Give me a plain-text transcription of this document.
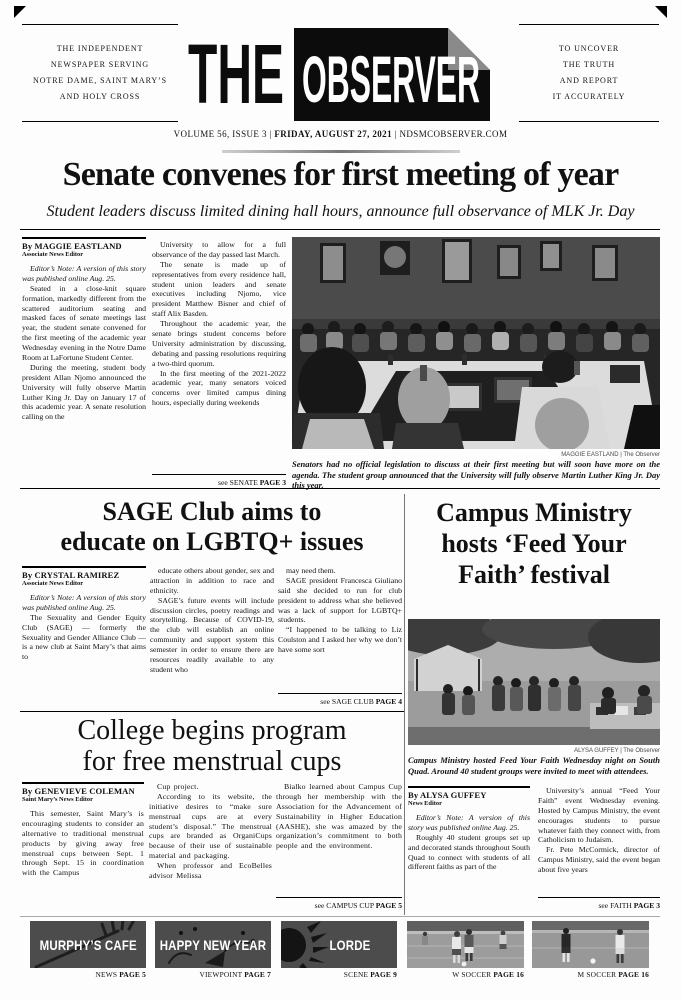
THE INDEPENDENT
NEWSPAPER SERVING
NOTRE DAME, SAINT MARY’S
AND HOLY CROSS THE OBSERVER	TO UNCOVER
THE TRUTH
AND REPORT
IT ACCURATELY
VOLUME 56, ISSUE 3 | FRIDAY, AUGUST 27, 2021 | NDSMCOBSERVER.COM
Senate convenes for first meeting of year
Student leaders discuss limited dining hall hours, announce full observance of MLK Jr. Day
By MAGGIE EASTLAND
Associate News Editor

Editor’s Note: A version of this story was published online Aug. 25.

Seated in a close-knit square formation, markedly different from the scattered auditorium seating and masked faces of senate meetings last year, the student senate convened for the first meeting of the academic year Wednesday evening in the Notre Dame Room at LaFortune Student Center.

During the meeting, student body president Allan Njomo announced the University will fully observe Martin Luther King Jr. Day on January 17 of this academic year. A senate resolution calling on the

University to allow for a full observance of the day passed last March.

The senate is made up of representatives from every residence hall, student union leaders and senate executives including Njomo, vice president Matthew Bisner and chief of staff Alix Basden.

Throughout the academic year, the senate brings student concerns before University administration by discussing, debating and passing resolutions requiring a two-third quorum.

In the first meeting of the 2021-2022 academic year, many senators voiced concerns over limited campus dining hours, especially during weekends

see SENATE PAGE 3
MAGGIE EASTLAND | The Observer
Senators had no official legislation to discuss at their first meeting but will soon have more on the agenda. The student group announced that the University will fully observe Martin Luther King Jr. Day this year.
SAGE Club aims to
educate on LGBTQ+ issues
By CRYSTAL RAMIREZ
Associate News Editor

Editor’s Note: A version of this story was published online Aug. 25.

The Sexuality and Gender Equity Club (SAGE) — formerly the Sexuality and Gender Alliance Club — is a new club at Saint Mary’s that aims to

educate others about gender, sex and attraction in addition to race and ethnicity.

SAGE’s future events will include discussion circles, poetry readings and storytelling. Because of COVID-19, the club will establish an online community and support system this semester in order to ensure there are resources readily available to any student who

may need them.

SAGE president Francesca Giuliano said she decided to run for club president to address what she believed was a lack of support for LGBTQ+ students.

“I happened to be talking to Liz Coulston and I asked her why we don’t have some sort

see SAGE CLUB PAGE 4
College begins program
for free menstrual cups
By GENEVIEVE COLEMAN
Saint Mary’s News Editor

This semester, Saint Mary’s is encouraging students to consider an alternative to traditional menstrual products by giving away free menstrual cups between Sept. 1 through Sept. 15 in coordination with the Campus

Cup project.

According to its website, the initiative desires to “make sure menstrual cups are at every student’s disposal.” The menstrual cups are branded as OrganiCups because of their use of sustainable material and packaging.

When professor and EcoBelles advisor Melissa

Bialko learned about Campus Cup through her membership with the Association for the Advancement of Sustainability in Higher Education (AASHE), she was amazed by the organization’s commitment to both people and the environment.

see CAMPUS CUP PAGE 5
Campus Ministry
hosts ‘Feed Your
Faith’ festival
ALYSA GUFFEY | The Observer
Campus Ministry hosted Feed Your Faith Wednesday night on South Quad. Around 40 student groups were invited to meet with attendees.
By ALYSA GUFFEY
News Editor

Editor’s Note: A version of this story was published online Aug. 25.

Roughly 40 student groups set up and decorated stands throughout South Quad to connect with students of all different faiths as part of the

University’s annual “Feed Your Faith” event Wednesday evening. Hosted by Campus Ministry, the event encourages students to pursue whatever faith they connect with, from Catholicism to Judaism.

Fr. Pete McCormick, director of Campus Ministry, said the event began about five years

see FAITH PAGE 3
MURPHY’S CAFE
NEWS PAGE 5
HAPPY NEW YEAR
VIEWPOINT PAGE 7
LORDE
SCENE PAGE 9	W SOCCER PAGE 16	M SOCCER PAGE 16
